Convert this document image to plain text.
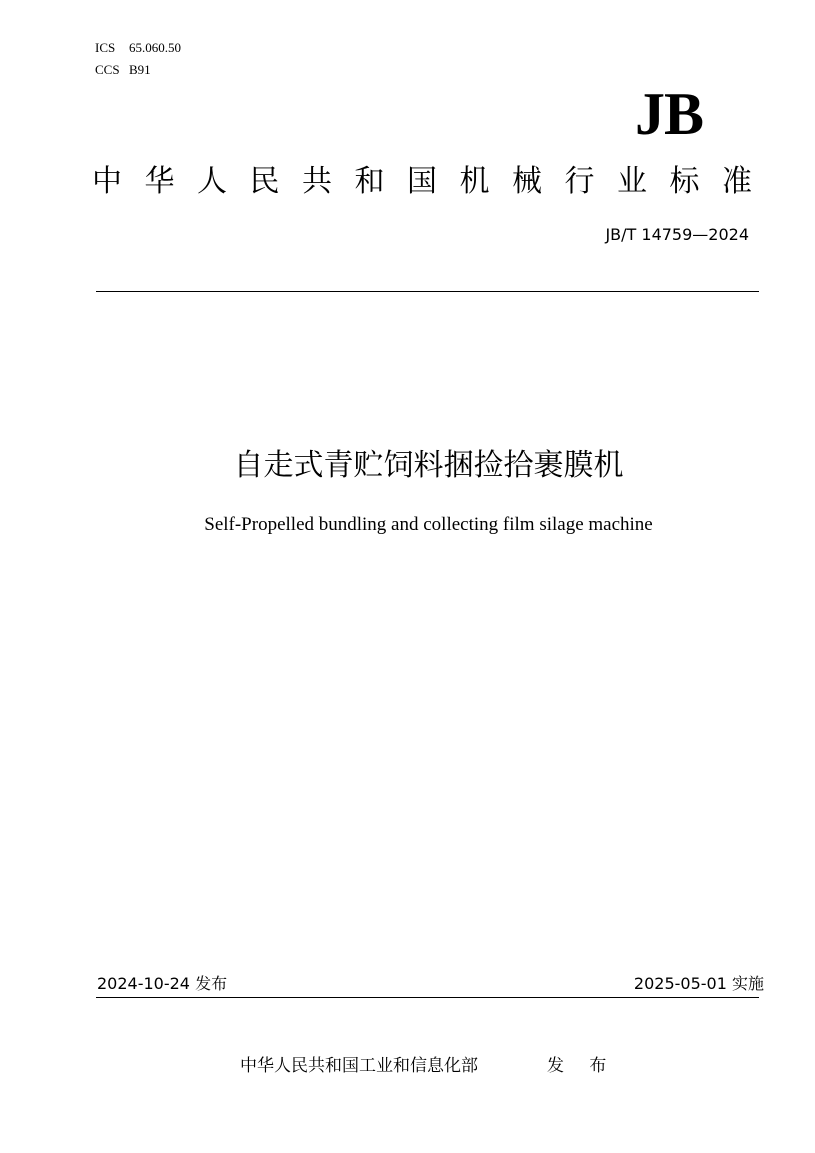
ICS 65.060.50
CCS B91
JB
中 华 人 民 共 和 国 机 械 行 业 标 准
JB/T 14759—2024
自走式青贮饲料捆捡拾裹膜机
Self-Propelled bundling and collecting film silage machine
2024-10-24 发布	2025-05-01 实施
中华人民共和国工业和信息化部	发 布
